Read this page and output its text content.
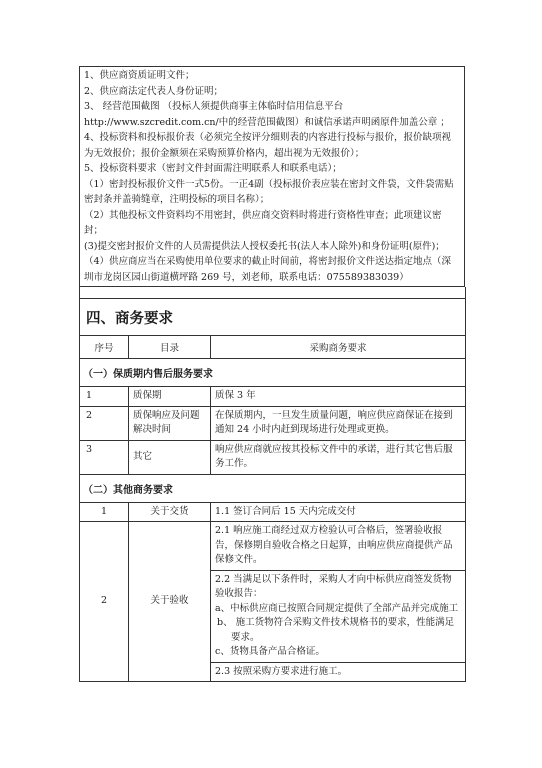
1、供应商资质证明文件；
2、供应商法定代表人身份证明；
3、 经营范围截图 （投标人须提供商事主体临时信用信息平台 http://www.szcredit.com.cn/中的经营范围截图）和诚信承诺声明函原件加盖公章 ；
4、投标资料和投标报价表（必须完全按评分细则表的内容进行投标与报价，报价缺项视为无效报价；报价金额须在采购预算价格内，超出视为无效报价）；
5、投标资料要求（密封文件封面需注明联系人和联系电话）；
（1）密封投标报价文件一式5份。一正4副（投标报价表应装在密封文件袋，文件袋需贴密封条并盖骑缝章，注明投标的项目名称）；
（2）其他投标文件资料均不用密封，供应商交资料时将进行资格性审查；此项建议密封；
(3)提交密封报价文件的人员需提供法人授权委托书(法人本人除外)和身份证明(原件)；
（4）供应商应当在采购使用单位要求的截止时间前，将密封报价文件送达指定地点（深圳市龙岗区园山街道横坪路 269 号，刘老师，联系电话：075589383039）

四、商务要求		
序号	目录	采购商务要求
（一）保质期内售后服务要求		
1	质保期	质保 3 年
2	质保响应及问题解决时间	在保质期内，一旦发生质量问题，响应供应商保证在接到通知 24 小时内赶到现场进行处理或更换。
3	其它	响应供应商就应按其投标文件中的承诺，进行其它售后服务工作。
（二）其他商务要求		
1	关于交货	1.1 签订合同后 15 天内完成交付
2	关于验收	2.1 响应施工商经过双方检验认可合格后，签署验收报告，保修期自验收合格之日起算，由响应供应商提供产品保修文件。

		2.2 当满足以下条件时，采购人才向中标供应商签发货物验收报告：
a、中标供应商已按照合同规定提供了全部产品并完成施工
b、 施工货物符合采购文件技术规格书的要求，性能满足要求。
c、货物具备产品合格证。

		2.3 按照采购方要求进行施工。
